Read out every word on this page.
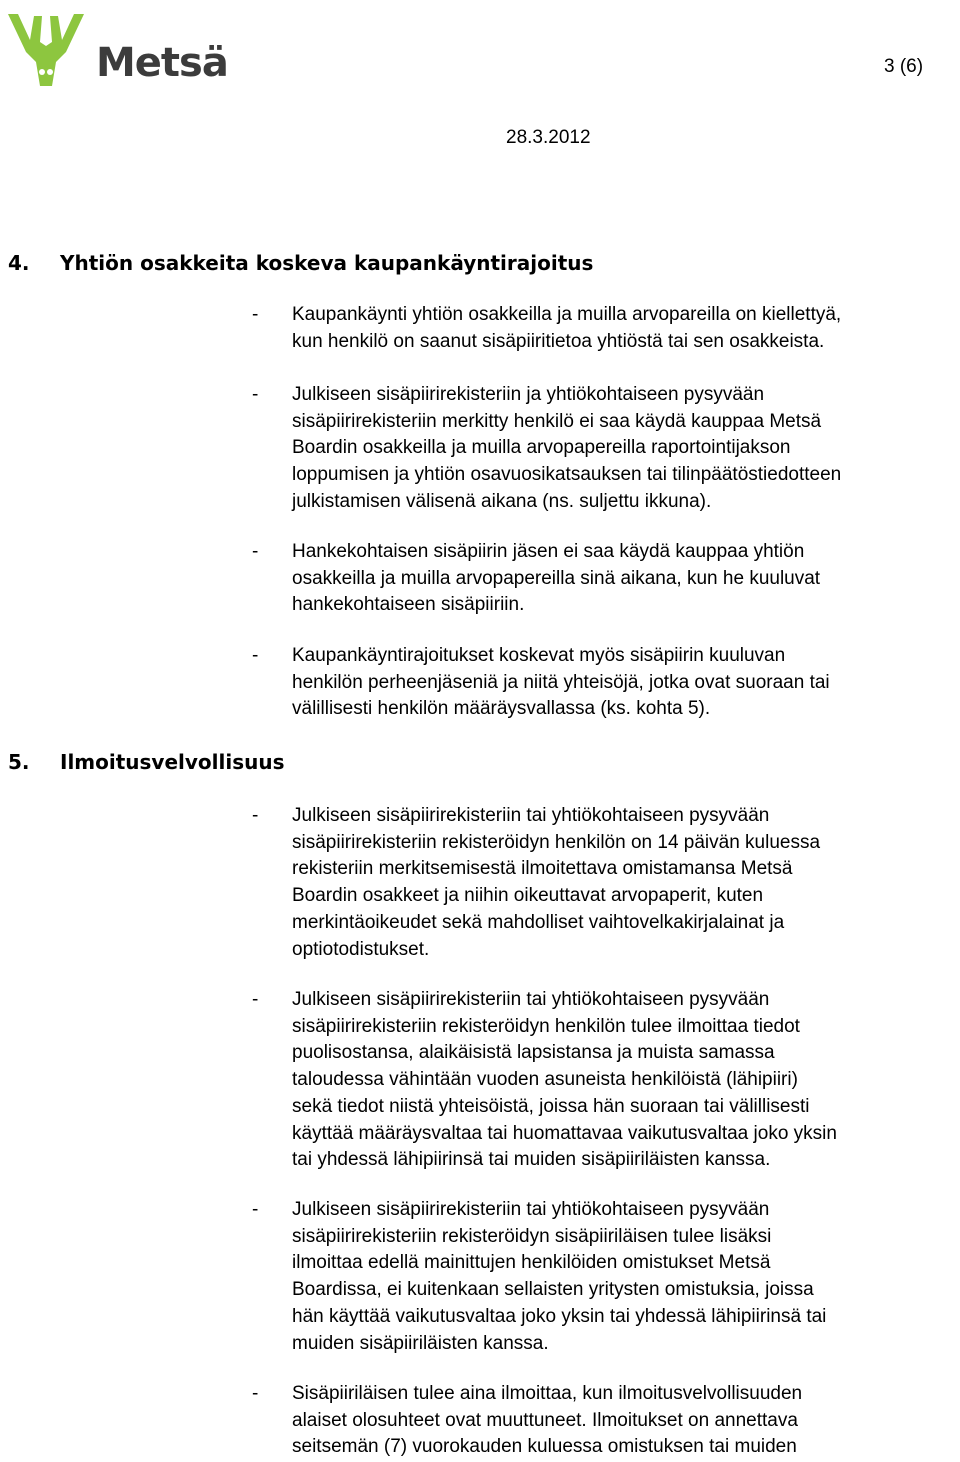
Metsä	3 (6)
28.3.2012
4. Yhtiön osakkeita koskeva kaupankäyntirajoitus
- Kaupankäynti yhtiön osakkeilla ja muilla arvopareilla on kiellettyä,
kun henkilö on saanut sisäpiiritietoa yhtiöstä tai sen osakkeista.
- Julkiseen sisäpiirirekisteriin ja yhtiökohtaiseen pysyvään
sisäpiirirekisteriin merkitty henkilö ei saa käydä kauppaa Metsä
Boardin osakkeilla ja muilla arvopapereilla raportointijakson
loppumisen ja yhtiön osavuosikatsauksen tai tilinpäätöstiedotteen
julkistamisen välisenä aikana (ns. suljettu ikkuna).
- Hankekohtaisen sisäpiirin jäsen ei saa käydä kauppaa yhtiön
osakkeilla ja muilla arvopapereilla sinä aikana, kun he kuuluvat
hankekohtaiseen sisäpiiriin.
- Kaupankäyntirajoitukset koskevat myös sisäpiirin kuuluvan
henkilön perheenjäseniä ja niitä yhteisöjä, jotka ovat suoraan tai
välillisesti henkilön määräysvallassa (ks. kohta 5).
5. Ilmoitusvelvollisuus
- Julkiseen sisäpiirirekisteriin tai yhtiökohtaiseen pysyvään
sisäpiirirekisteriin rekisteröidyn henkilön on 14 päivän kuluessa
rekisteriin merkitsemisestä ilmoitettava omistamansa Metsä
Boardin osakkeet ja niihin oikeuttavat arvopaperit, kuten
merkintäoikeudet sekä mahdolliset vaihtovelkakirjalainat ja
optiotodistukset.
- Julkiseen sisäpiirirekisteriin tai yhtiökohtaiseen pysyvään
sisäpiirirekisteriin rekisteröidyn henkilön tulee ilmoittaa tiedot
puolisostansa, alaikäisistä lapsistansa ja muista samassa
taloudessa vähintään vuoden asuneista henkilöistä (lähipiiri)
sekä tiedot niistä yhteisöistä, joissa hän suoraan tai välillisesti
käyttää määräysvaltaa tai huomattavaa vaikutusvaltaa joko yksin
tai yhdessä lähipiirinsä tai muiden sisäpiiriläisten kanssa.
- Julkiseen sisäpiirirekisteriin tai yhtiökohtaiseen pysyvään
sisäpiirirekisteriin rekisteröidyn sisäpiiriläisen tulee lisäksi
ilmoittaa edellä mainittujen henkilöiden omistukset Metsä
Boardissa, ei kuitenkaan sellaisten yritysten omistuksia, joissa
hän käyttää vaikutusvaltaa joko yksin tai yhdessä lähipiirinsä tai
muiden sisäpiiriläisten kanssa.
- Sisäpiiriläisen tulee aina ilmoittaa, kun ilmoitusvelvollisuuden
alaiset olosuhteet ovat muuttuneet. Ilmoitukset on annettava
seitsemän (7) vuorokauden kuluessa omistuksen tai muiden
